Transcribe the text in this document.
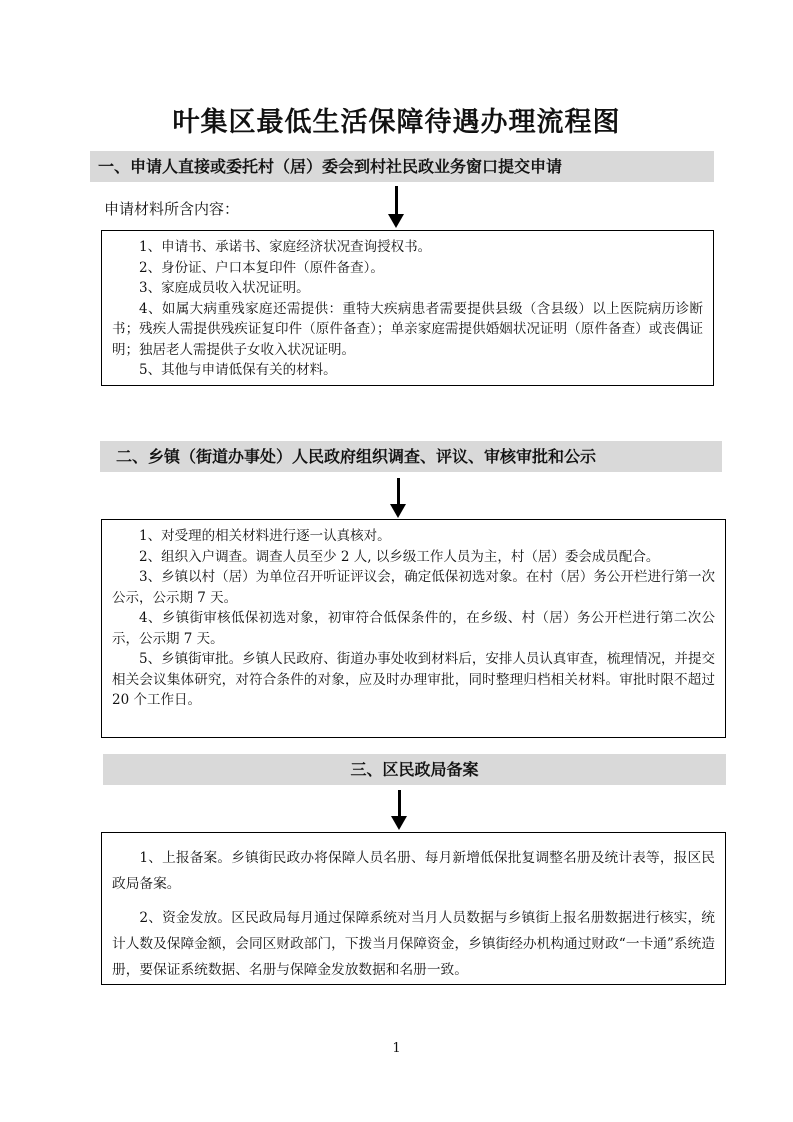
叶集区最低生活保障待遇办理流程图
一、申请人直接或委托村（居）委会到村社民政业务窗口提交申请
申请材料所含内容：

1、申请书、承诺书、家庭经济状况查询授权书。

2、身份证、户口本复印件（原件备查）。

3、家庭成员收入状况证明。

4、如属大病重残家庭还需提供：重特大疾病患者需要提供县级（含县级）以上医院病历诊断书；残疾人需提供残疾证复印件（原件备查）；单亲家庭需提供婚姻状况证明（原件备查）或丧偶证明；独居老人需提供子女收入状况证明。

5、其他与申请低保有关的材料。

二、乡镇（街道办事处）人民政府组织调查、评议、审核审批和公示

1、对受理的相关材料进行逐一认真核对。

2、组织入户调查。调查人员至少 2 人, 以乡级工作人员为主，村（居）委会成员配合。

3、乡镇以村（居）为单位召开听证评议会，确定低保初选对象。在村（居）务公开栏进行第一次公示，公示期 7 天。

4、乡镇街审核低保初选对象，初审符合低保条件的，在乡级、村（居）务公开栏进行第二次公示，公示期 7 天。

5、乡镇街审批。乡镇人民政府、街道办事处收到材料后，安排人员认真审查，梳理情况，并提交相关会议集体研究，对符合条件的对象，应及时办理审批，同时整理归档相关材料。审批时限不超过 20 个工作日。

三、区民政局备案

1、上报备案。乡镇街民政办将保障人员名册、每月新增低保批复调整名册及统计表等，报区民政局备案。

2、资金发放。区民政局每月通过保障系统对当月人员数据与乡镇街上报名册数据进行核实，统计人数及保障金额，会同区财政部门，下拨当月保障资金，乡镇街经办机构通过财政“一卡通”系统造册，要保证系统数据、名册与保障金发放数据和名册一致。

1
